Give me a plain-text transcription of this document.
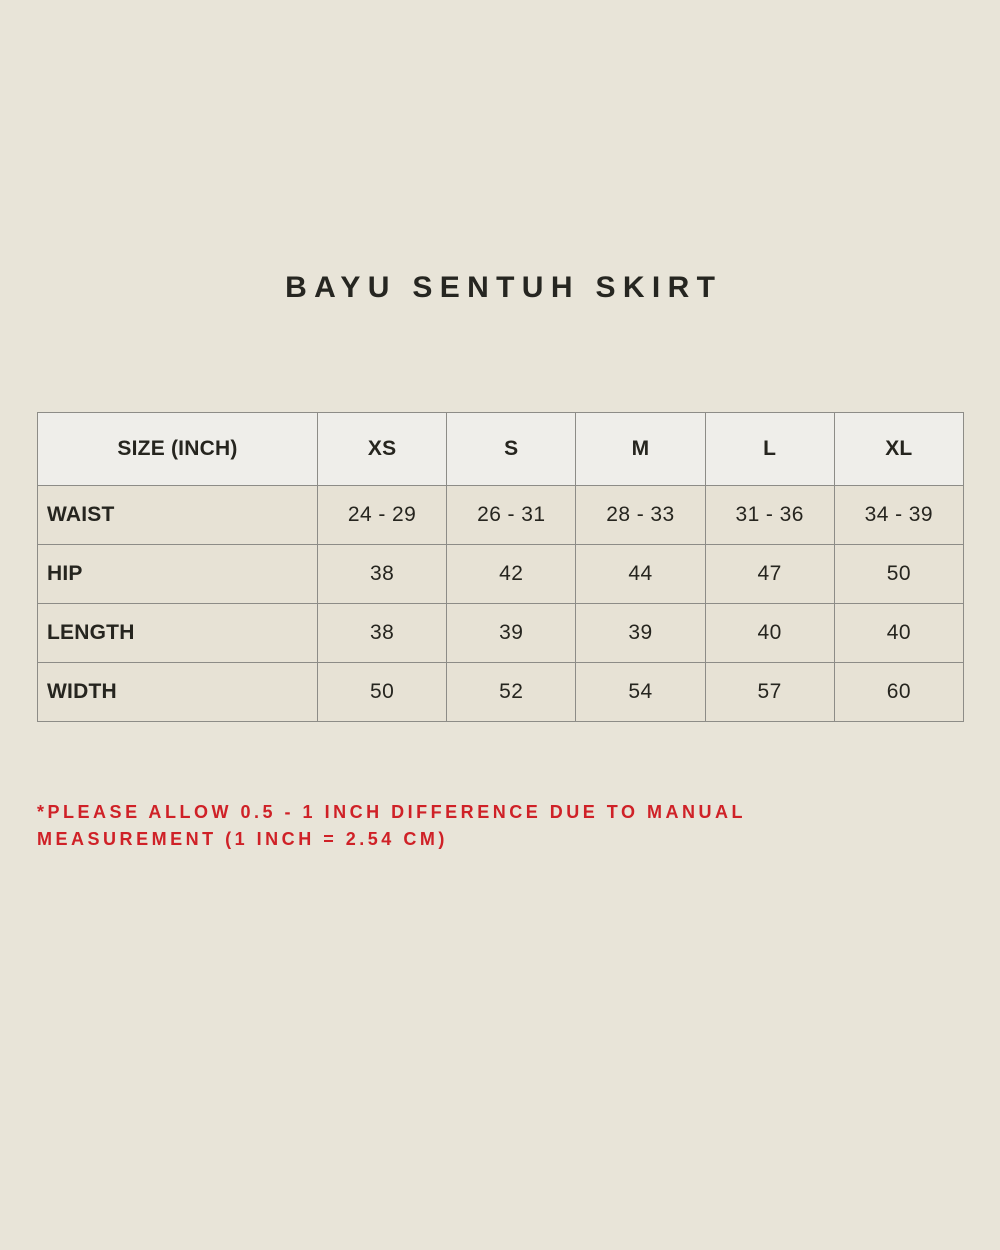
BAYU SENTUH SKIRT
SIZE (INCH)	XS	S	M	L	XL
WAIST	24 - 29	26 - 31	28 - 33	31 - 36	34 - 39
HIP	38	42	44	47	50
LENGTH	38	39	39	40	40
WIDTH	50	52	54	57	60
*PLEASE ALLOW 0.5 - 1 INCH DIFFERENCE DUE TO MANUAL
MEASUREMENT (1 INCH = 2.54 CM)
